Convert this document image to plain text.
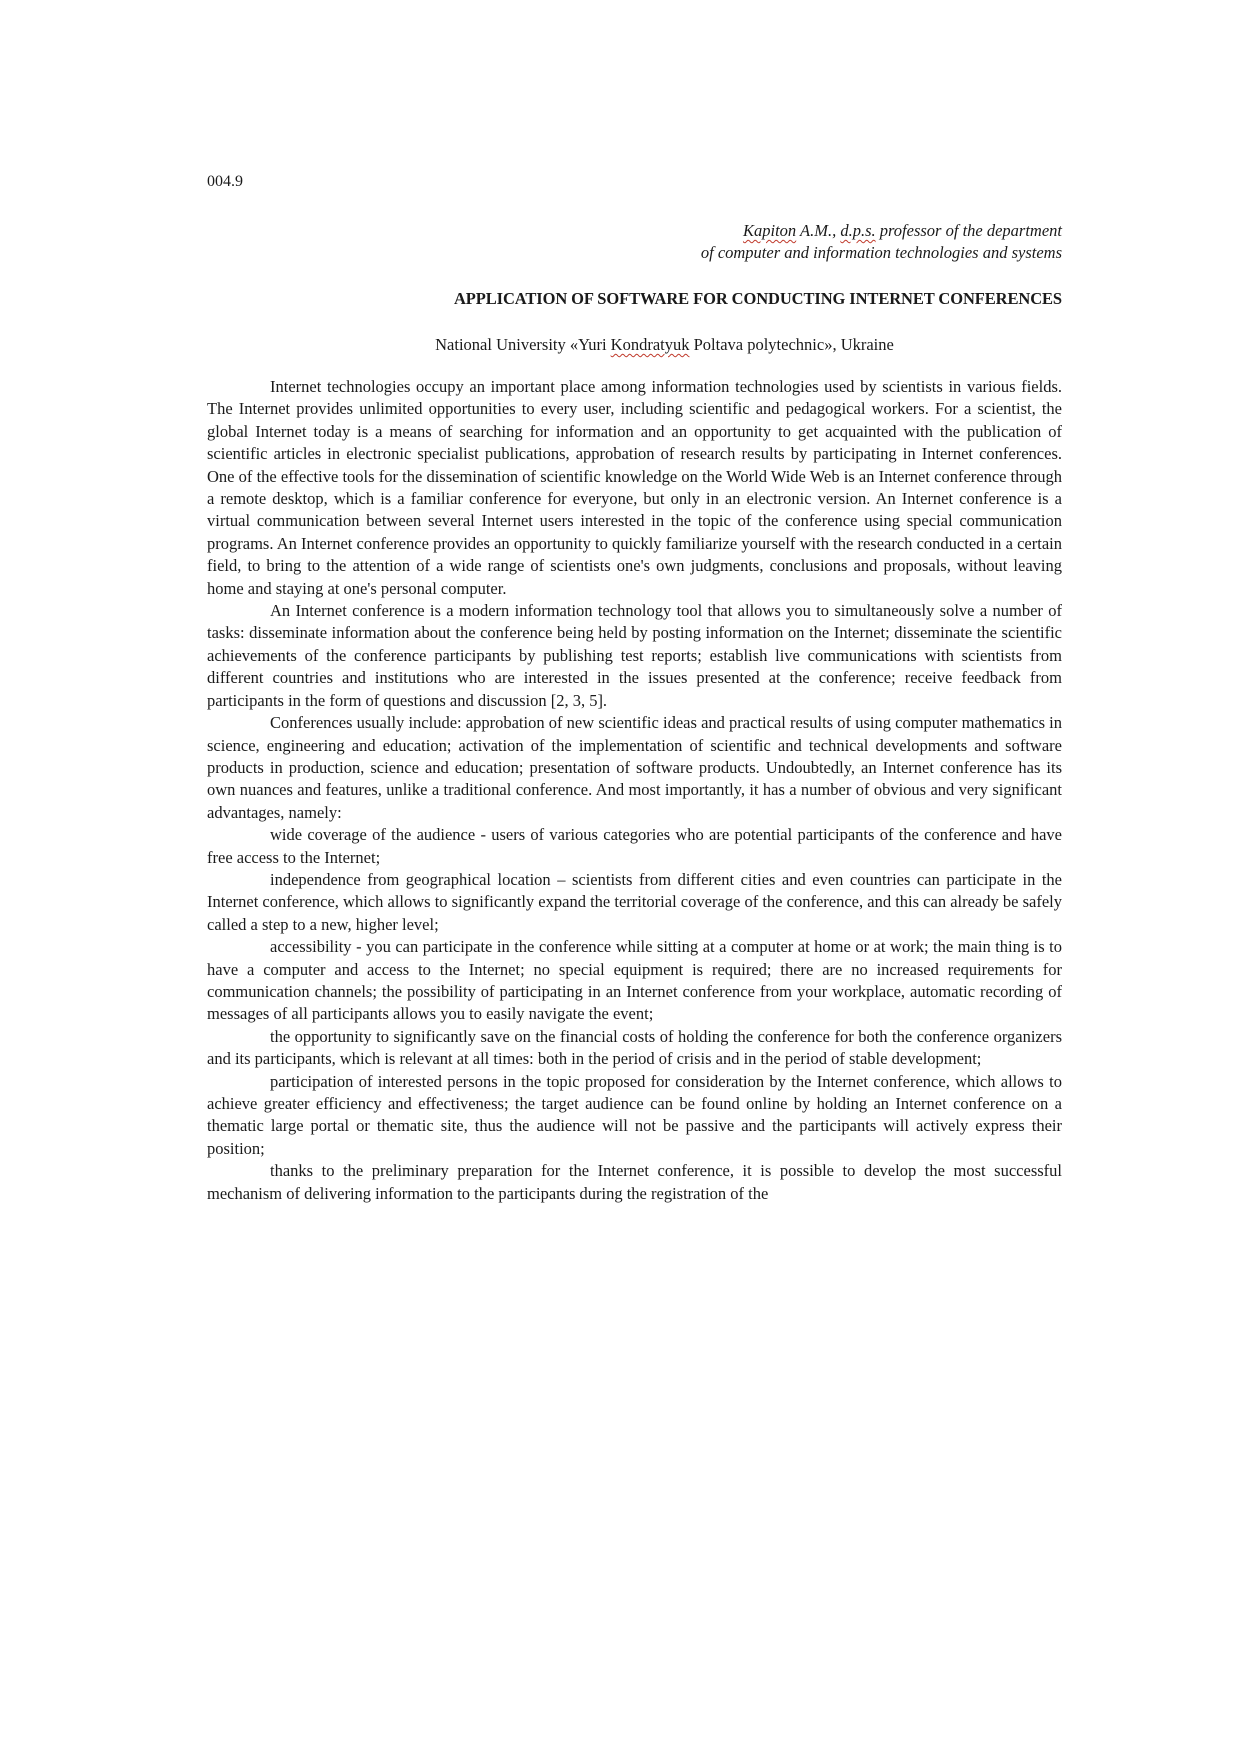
004.9
Kapiton A.M., d.p.s. professor of the department
of computer and information technologies and systems
APPLICATION OF SOFTWARE FOR CONDUCTING INTERNET CONFERENCES
National University «Yuri Kondratyuk Poltava polytechnic», Ukraine

Internet technologies occupy an important place among information technologies used by scientists in various fields. The Internet provides unlimited opportunities to every user, including scientific and pedagogical workers. For a scientist, the global Internet today is a means of searching for information and an opportunity to get acquainted with the publication of scientific articles in electronic specialist publications, approbation of research results by participating in Internet conferences. One of the effective tools for the dissemination of scientific knowledge on the World Wide Web is an Internet conference through a remote desktop, which is a familiar conference for everyone, but only in an electronic version. An Internet conference is a virtual communication between several Internet users interested in the topic of the conference using special communication programs. An Internet conference provides an opportunity to quickly familiarize yourself with the research conducted in a certain field, to bring to the attention of a wide range of scientists one's own judgments, conclusions and proposals, without leaving home and staying at one's personal computer.

An Internet conference is a modern information technology tool that allows you to simultaneously solve a number of tasks: disseminate information about the conference being held by posting information on the Internet; disseminate the scientific achievements of the conference participants by publishing test reports; establish live communications with scientists from different countries and institutions who are interested in the issues presented at the conference; receive feedback from participants in the form of questions and discussion [2, 3, 5].

Conferences usually include: approbation of new scientific ideas and practical results of using computer mathematics in science, engineering and education; activation of the implementation of scientific and technical developments and software products in production, science and education; presentation of software products. Undoubtedly, an Internet conference has its own nuances and features, unlike a traditional conference. And most importantly, it has a number of obvious and very significant advantages, namely:

wide coverage of the audience - users of various categories who are potential participants of the conference and have free access to the Internet;

independence from geographical location – scientists from different cities and even countries can participate in the Internet conference, which allows to significantly expand the territorial coverage of the conference, and this can already be safely called a step to a new, higher level;

accessibility - you can participate in the conference while sitting at a computer at home or at work; the main thing is to have a computer and access to the Internet; no special equipment is required; there are no increased requirements for communication channels; the possibility of participating in an Internet conference from your workplace, automatic recording of messages of all participants allows you to easily navigate the event;

the opportunity to significantly save on the financial costs of holding the conference for both the conference organizers and its participants, which is relevant at all times: both in the period of crisis and in the period of stable development;

participation of interested persons in the topic proposed for consideration by the Internet conference, which allows to achieve greater efficiency and effectiveness; the target audience can be found online by holding an Internet conference on a thematic large portal or thematic site, thus the audience will not be passive and the participants will actively express their position;

thanks to the preliminary preparation for the Internet conference, it is possible to develop the most successful mechanism of delivering information to the participants during the registration of the
